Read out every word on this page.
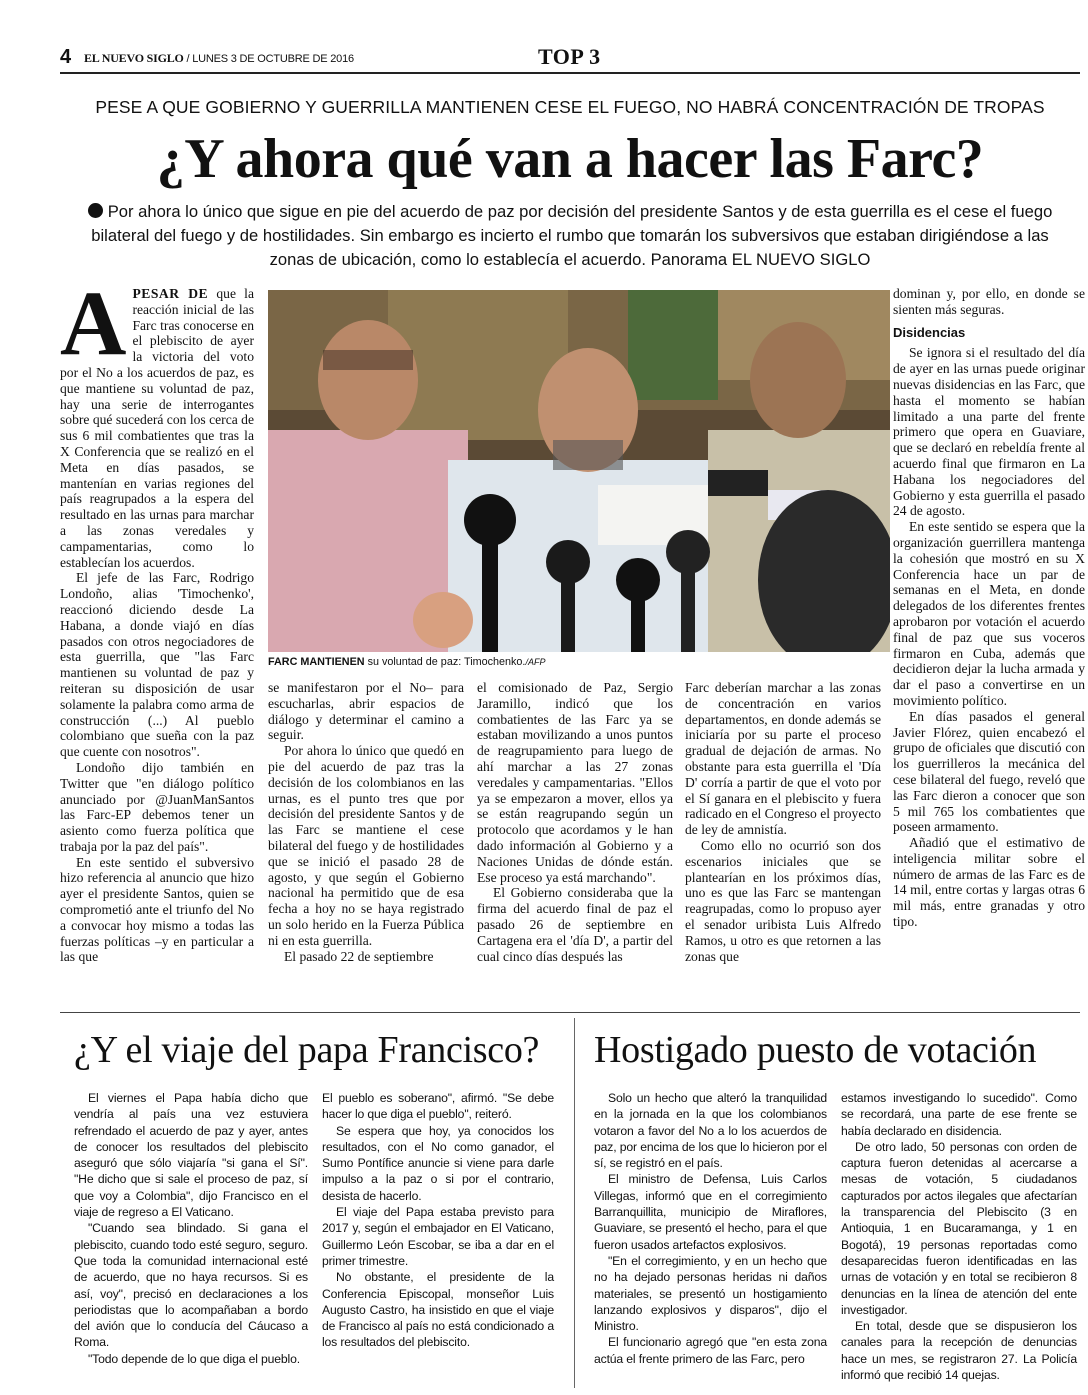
4 EL NUEVO SIGLO / LUNES 3 DE OCTUBRE DE 2016	TOP 3
PESE A QUE GOBIERNO Y GUERRILLA MANTIENEN CESE EL FUEGO, NO HABRÁ CONCENTRACIÓN DE TROPAS
¿Y ahora qué van a hacer las Farc?
Por ahora lo único que sigue en pie del acuerdo de paz por decisión del presidente Santos y de esta guerrilla es el cese el fuego bilateral del fuego y de hostilidades. Sin embargo es incierto el rumbo que tomarán los subversivos que estaban dirigiéndose a las zonas de ubicación, como lo establecía el acuerdo. Panorama EL NUEVO SIGLO

APESAR DE que la reacción inicial de las Farc tras conocerse en el plebiscito de ayer la victoria del voto por el No a los acuerdos de paz, es que mantiene su voluntad de paz, hay una serie de interrogantes sobre qué sucederá con los cerca de sus 6 mil combatientes que tras la X Conferencia que se realizó en el Meta en días pasados, se mantenían en varias regiones del país reagrupados a la espera del resultado en las urnas para marchar a las zonas veredales y campamentarias, como lo establecían los acuerdos.

El jefe de las Farc, Rodrigo Londoño, alias 'Timochenko', reaccionó diciendo desde La Habana, a donde viajó en días pasados con otros negociadores de esta guerrilla, que "las Farc mantienen su voluntad de paz y reiteran su disposición de usar solamente la palabra como arma de construcción (...) Al pueblo colombiano que sueña con la paz que cuente con nosotros".

Londoño dijo también en Twitter que "en diálogo político anunciado por @JuanManSantos las Farc-EP debemos tener un asiento como fuerza política que trabaja por la paz del país".

En este sentido el subversivo hizo referencia al anuncio que hizo ayer el presidente Santos, quien se comprometió ante el triunfo del No a convocar hoy mismo a todas las fuerzas políticas –y en particular a las que

FARC MANTIENEN su voluntad de paz: Timochenko./AFP

se manifestaron por el No– para escucharlas, abrir espacios de diálogo y determinar el camino a seguir.

Por ahora lo único que quedó en pie del acuerdo de paz tras la decisión de los colombianos en las urnas, es el punto tres que por decisión del presidente Santos y de las Farc se mantiene el cese bilateral del fuego y de hostilidades que se inició el pasado 28 de agosto, y que según el Gobierno nacional ha permitido que de esa fecha a hoy no se haya registrado un solo herido en la Fuerza Pública ni en esta guerrilla.

El pasado 22 de septiembre

el comisionado de Paz, Sergio Jaramillo, indicó que los combatientes de las Farc ya se estaban movilizando a unos puntos de reagrupamiento para luego de ahí marchar a las 27 zonas veredales y campamentarias. "Ellos ya se empezaron a mover, ellos ya se están reagrupando según un protocolo que acordamos y le han dado información al Gobierno y a Naciones Unidas de dónde están. Ese proceso ya está marchando".

El Gobierno consideraba que la firma del acuerdo final de paz el pasado 26 de septiembre en Cartagena era el 'día D', a partir del cual cinco días después las

Farc deberían marchar a las zonas de concentración en varios departamentos, en donde además se iniciaría por su parte el proceso gradual de dejación de armas. No obstante para esta guerrilla el 'Día D' corría a partir de que el voto por el Sí ganara en el plebiscito y fuera radicado en el Congreso el proyecto de ley de amnistía.

Como ello no ocurrió son dos escenarios iniciales que se plantearían en los próximos días, uno es que las Farc se mantengan reagrupadas, como lo propuso ayer el senador uribista Luis Alfredo Ramos, u otro es que retornen a las zonas que

dominan y, por ello, en donde se sienten más seguras.

Disidencias

Se ignora si el resultado del día de ayer en las urnas puede originar nuevas disidencias en las Farc, que hasta el momento se habían limitado a una parte del frente primero que opera en Guaviare, que se declaró en rebeldía frente al acuerdo final que firmaron en La Habana los negociadores del Gobierno y esta guerrilla el pasado 24 de agosto.

En este sentido se espera que la organización guerrillera mantenga la cohesión que mostró en su X Conferencia hace un par de semanas en el Meta, en donde delegados de los diferentes frentes aprobaron por votación el acuerdo final de paz que sus voceros firmaron en Cuba, además que decidieron dejar la lucha armada y dar el paso a convertirse en un movimiento político.

En días pasados el general Javier Flórez, quien encabezó el grupo de oficiales que discutió con los guerrilleros la mecánica del cese bilateral del fuego, reveló que las Farc dieron a conocer que son 5 mil 765 los combatientes que poseen armamento.

Añadió que el estimativo de inteligencia militar sobre el número de armas de las Farc es de 14 mil, entre cortas y largas otras 6 mil más, entre granadas y otro tipo.

¿Y el viaje del papa Francisco?

El viernes el Papa había dicho que vendría al país una vez estuviera refrendado el acuerdo de paz y ayer, antes de conocer los resultados del plebiscito aseguró que sólo viajaría "si gana el Sí". "He dicho que si sale el proceso de paz, sí que voy a Colombia", dijo Francisco en el viaje de regreso a El Vaticano.

"Cuando sea blindado. Si gana el plebiscito, cuando todo esté seguro, seguro. Que toda la comunidad internacional esté de acuerdo, que no haya recursos. Si es así, voy", precisó en declaraciones a los periodistas que lo acompañaban a bordo del avión que lo conducía del Cáucaso a Roma.

"Todo depende de lo que diga el pueblo.

El pueblo es soberano", afirmó. "Se debe hacer lo que diga el pueblo", reiteró.

Se espera que hoy, ya conocidos los resultados, con el No como ganador, el Sumo Pontífice anuncie si viene para darle impulso a la paz o si por el contrario, desista de hacerlo.

El viaje del Papa estaba previsto para 2017 y, según el embajador en El Vaticano, Guillermo León Escobar, se iba a dar en el primer trimestre.

No obstante, el presidente de la Conferencia Episcopal, monseñor Luis Augusto Castro, ha insistido en que el viaje de Francisco al país no está condicionado a los resultados del plebiscito.

Hostigado puesto de votación

Solo un hecho que alteró la tranquilidad en la jornada en la que los colombianos votaron a favor del No a lo los acuerdos de paz, por encima de los que lo hicieron por el sí, se registró en el país.

El ministro de Defensa, Luis Carlos Villegas, informó que en el corregimiento Barranquillita, municipio de Miraflores, Guaviare, se presentó el hecho, para el que fueron usados artefactos explosivos.

"En el corregimiento, y en un hecho que no ha dejado personas heridas ni daños materiales, se presentó un hostigamiento lanzando explosivos y disparos", dijo el Ministro.

El funcionario agregó que "en esta zona actúa el frente primero de las Farc, pero

estamos investigando lo sucedido". Como se recordará, una parte de ese frente se había declarado en disidencia.

De otro lado, 50 personas con orden de captura fueron detenidas al acercarse a mesas de votación, 5 ciudadanos capturados por actos ilegales que afectarían la transparencia del Plebiscito (3 en Antioquia, 1 en Bucaramanga, y 1 en Bogotá), 19 personas reportadas como desaparecidas fueron identificadas en las urnas de votación y en total se recibieron 8 denuncias en la línea de atención del ente investigador.

En total, desde que se dispusieron los canales para la recepción de denuncias hace un mes, se registraron 27. La Policía informó que recibió 14 quejas.
